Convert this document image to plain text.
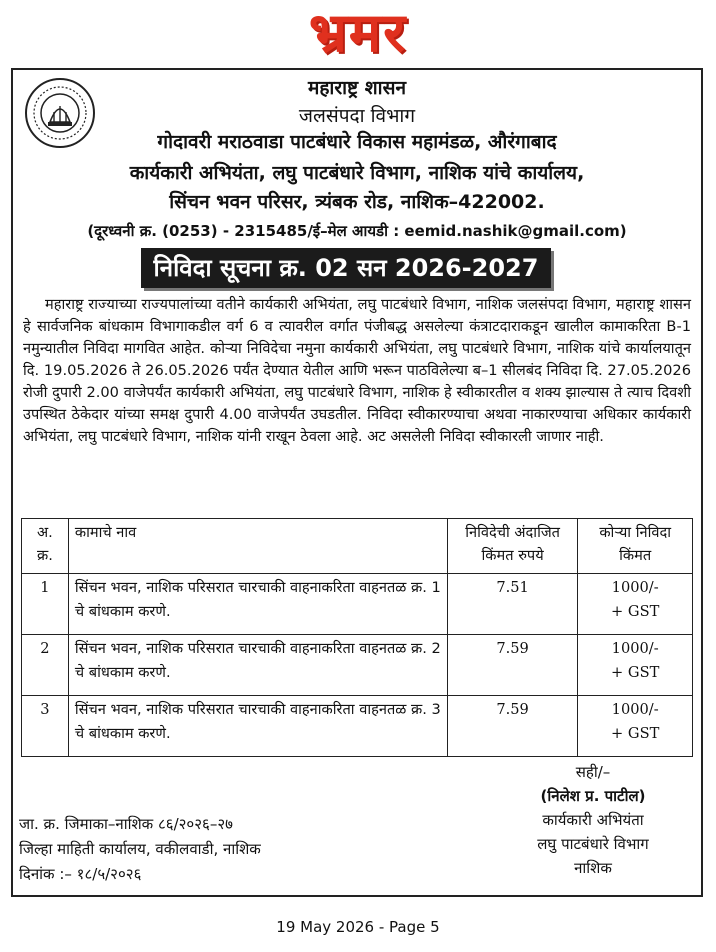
भ्रमर
महाराष्ट्र शासन
जलसंपदा विभाग
गोदावरी मराठवाडा पाटबंधारे विकास महामंडळ, औरंगाबाद
कार्यकारी अभियंता, लघु पाटबंधारे विभाग, नाशिक यांचे कार्यालय,
सिंचन भवन परिसर, त्र्यंबक रोड, नाशिक–422002.
(दूरध्वनी क्र. (0253) - 2315485/ई–मेल आयडी : eemid.nashik@gmail.com)
निविदा सूचना क्र. 02 सन 2026-2027
महाराष्ट्र राज्याच्या राज्यपालांच्या वतीने कार्यकारी अभियंता, लघु पाटबंधारे विभाग, नाशिक जलसंपदा विभाग, महाराष्ट्र शासन हे सार्वजनिक बांधकाम विभागाकडील वर्ग 6 व त्यावरील वर्गात पंजीबद्ध असलेल्या कंत्राटदाराकडून खालील कामाकरिता B-1 नमुन्यातील निविदा मागवित आहेत. कोऱ्या निविदेचा नमुना कार्यकारी अभियंता, लघु पाटबंधारे विभाग, नाशिक यांचे कार्यालयातून दि. 19.05.2026 ते 26.05.2026 पर्यंत देण्यात येतील आणि भरून पाठविलेल्या ब–1 सीलबंद निविदा दि. 27.05.2026 रोजी दुपारी 2.00 वाजेपर्यंत कार्यकारी अभियंता, लघु पाटबंधारे विभाग, नाशिक हे स्वीकारतील व शक्य झाल्यास ते त्याच दिवशी उपस्थित ठेकेदार यांच्या समक्ष दुपारी 4.00 वाजेपर्यंत उघडतील. निविदा स्वीकारण्याचा अथवा नाकारण्याचा अधिकार कार्यकारी अभियंता, लघु पाटबंधारे विभाग, नाशिक यांनी राखून ठेवला आहे. अट असलेली निविदा स्वीकारली जाणार नाही.
अ. क्र.	कामाचे नाव	निविदेची अंदाजित किंमत रुपये	कोऱ्या निविदा किंमत
1	सिंचन भवन, नाशिक परिसरात चारचाकी वाहनाकरिता वाहनतळ क्र. 1 चे बांधकाम करणे.	7.51	1000/-
+ GST

2	सिंचन भवन, नाशिक परिसरात चारचाकी वाहनाकरिता वाहनतळ क्र. 2 चे बांधकाम करणे.	7.59	1000/-
+ GST

3	सिंचन भवन, नाशिक परिसरात चारचाकी वाहनाकरिता वाहनतळ क्र. 3 चे बांधकाम करणे.	7.59	1000/-
+ GST
सही/–
(निलेश प्र. पाटील)
कार्यकारी अभियंता
लघु पाटबंधारे विभाग
नाशिक
जा. क्र. जिमाका–नाशिक ८६/२०२६–२७
जिल्हा माहिती कार्यालय, वकीलवाडी, नाशिक
दिनांक :– १८/५/२०२६
19 May 2026 - Page 5
